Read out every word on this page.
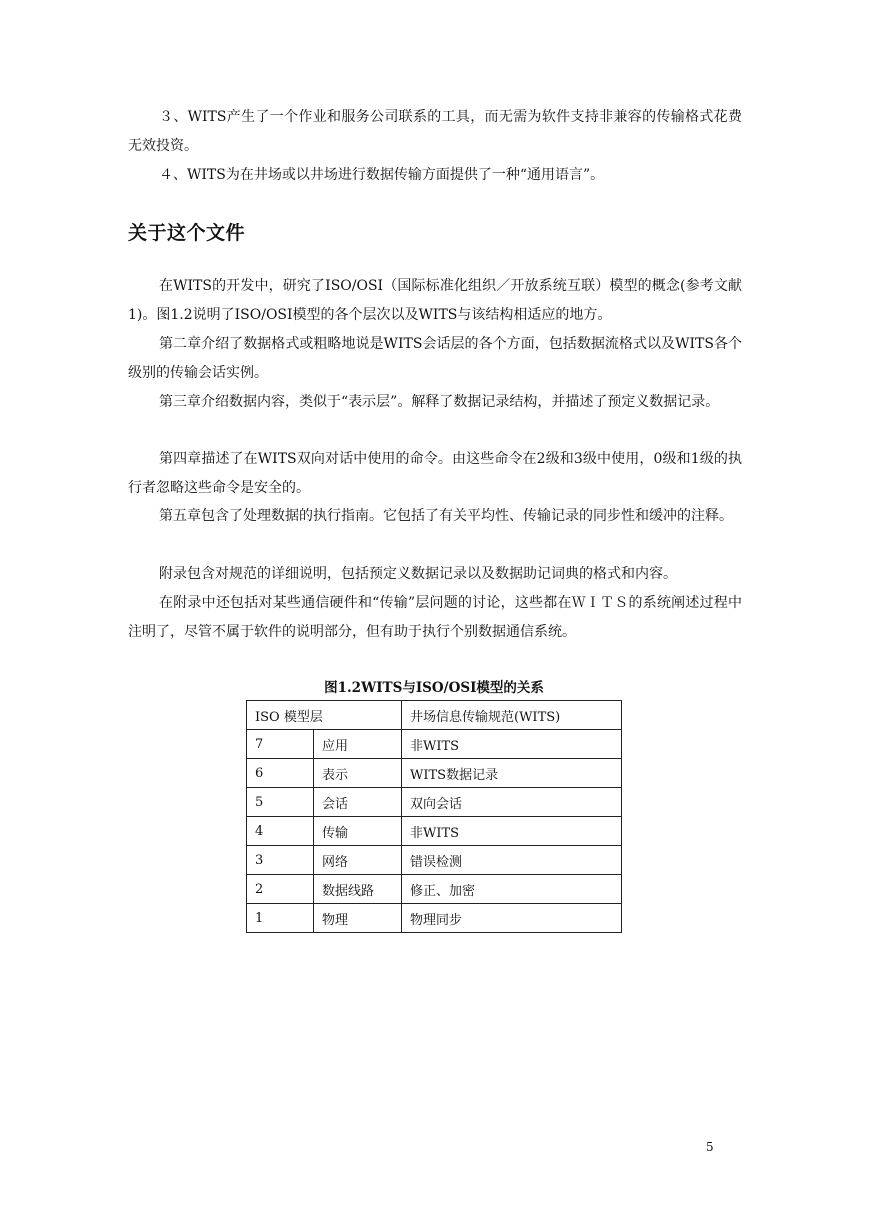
３、WITS产生了一个作业和服务公司联系的工具，而无需为软件支持非兼容的传输格式花费无效投资。

４、WITS为在井场或以井场进行数据传输方面提供了一种“通用语言”。

关于这个文件

在WITS的开发中，研究了ISO/OSI（国际标准化组织／开放系统互联）模型的概念(参考文献1)。图1.2说明了ISO/OSI模型的各个层次以及WITS与该结构相适应的地方。

第二章介绍了数据格式或粗略地说是WITS会话层的各个方面，包括数据流格式以及WITS各个级别的传输会话实例。

第三章介绍数据内容，类似于“表示层”。解释了数据记录结构，并描述了预定义数据记录。

第四章描述了在WITS双向对话中使用的命令。由这些命令在2级和3级中使用，0级和1级的执行者忽略这些命令是安全的。

第五章包含了处理数据的执行指南。它包括了有关平均性、传输记录的同步性和缓冲的注释。

附录包含对规范的详细说明，包括预定义数据记录以及数据助记词典的格式和内容。

在附录中还包括对某些通信硬件和“传输”层问题的讨论，这些都在ＷＩＴＳ的系统阐述过程中注明了，尽管不属于软件的说明部分，但有助于执行个别数据通信系统。

图1.2WITS与ISO/OSI模型的关系

ISO 模型层		井场信息传输规范(WITS)
7	应用	非WITS
6	表示	WITS数据记录
5	会话	双向会话
4	传输	非WITS
3	网络	错误检测
2	数据线路	修正、加密
1	物理	物理同步
5
